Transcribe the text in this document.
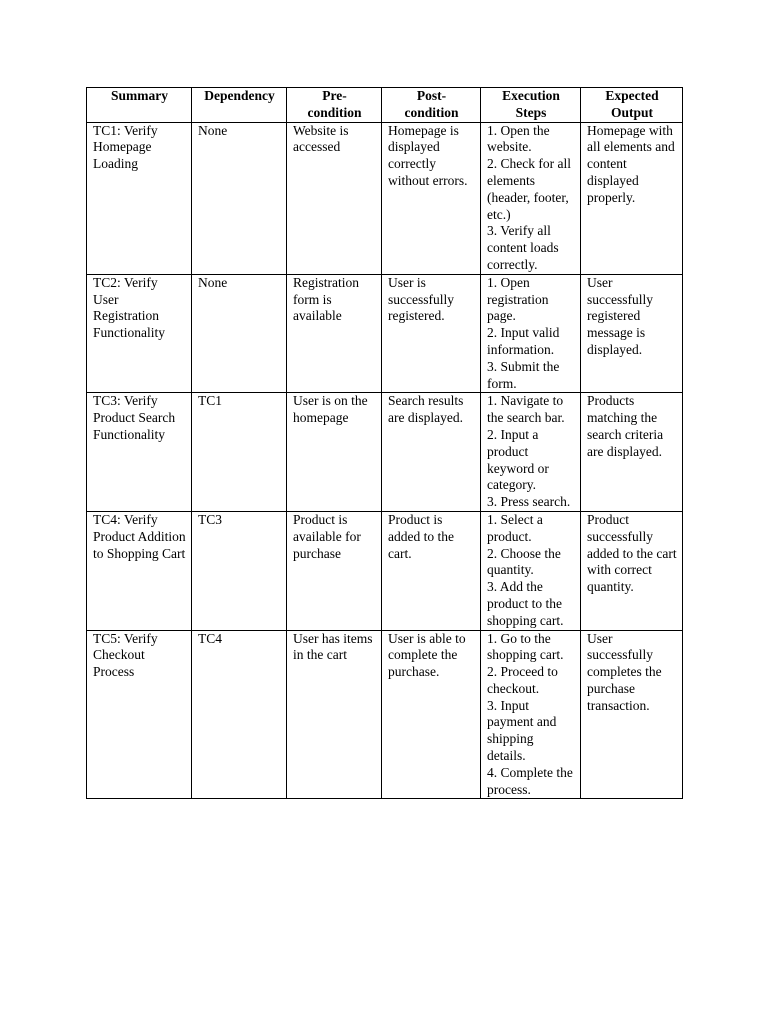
Summary	Dependency	Pre-
condition	Post-
condition	Execution
Steps	Expected
Output
TC1: Verify Homepage Loading	None	Website is accessed	Homepage is displayed correctly without errors.	1. Open the website.
2. Check for all elements (header, footer, etc.)
3. Verify all content loads correctly.	Homepage with all elements and content displayed properly.
TC2: Verify User Registration Functionality	None	Registration form is available	User is successfully registered.	1. Open registration page.
2. Input valid information.
3. Submit the form.	User successfully registered message is displayed.
TC3: Verify Product Search Functionality	TC1	User is on the homepage	Search results are displayed.	1. Navigate to the search bar.
2. Input a product keyword or category.
3. Press search.	Products matching the search criteria are displayed.
TC4: Verify Product Addition to Shopping Cart	TC3	Product is available for purchase	Product is added to the cart.	1. Select a product.
2. Choose the quantity.
3. Add the product to the shopping cart.	Product successfully added to the cart with correct quantity.
TC5: Verify Checkout Process	TC4	User has items in the cart	User is able to complete the purchase.	1. Go to the shopping cart.
2. Proceed to checkout.
3. Input payment and shipping details.
4. Complete the process.	User successfully completes the purchase transaction.
